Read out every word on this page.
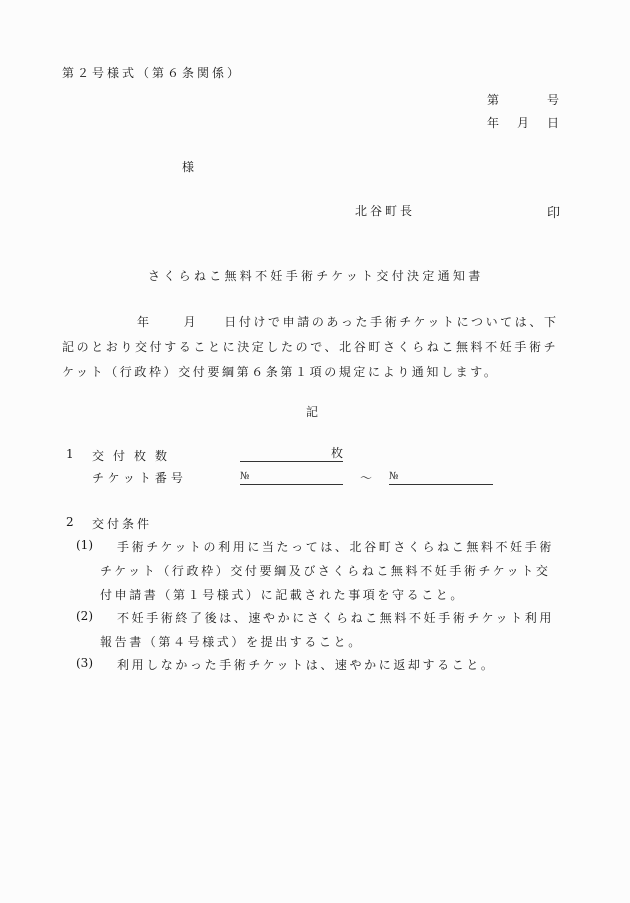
第２号様式（第６条関係）
第	号
年 月 日
様
北谷町長	印
さくらねこ無料不妊手術チケット交付決定通知書
年	月 日付けで申請のあった手術チケットについては、下
記のとおり交付することに決定したので、北谷町さくらねこ無料不妊手術チ
ケット（行政枠）交付要綱第６条第１項の規定により通知します。
記
1 交付枚数	枚
チケット番号	№	～ №
2 交付条件
(1) 手術チケットの利用に当たっては、北谷町さくらねこ無料不妊手術
チケット（行政枠）交付要綱及びさくらねこ無料不妊手術チケット交
付申請書（第１号様式）に記載された事項を守ること。
(2) 不妊手術終了後は、速やかにさくらねこ無料不妊手術チケット利用
報告書（第４号様式）を提出すること。
(3) 利用しなかった手術チケットは、速やかに返却すること。
